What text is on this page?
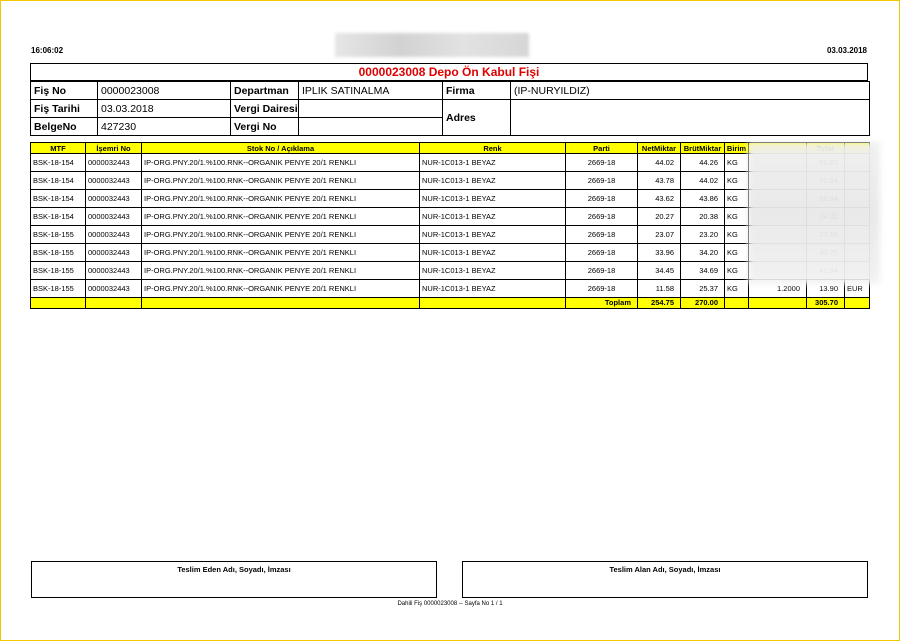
16:06:02	03.03.2018
0000023008 Depo Ön Kabul Fişi
Fiş No	0000023008	Departman	IPLIK SATINALMA	Firma	(IP-NURYILDIZ)
Fiş Tarihi	03.03.2018	Vergi Dairesi		Adres	
BelgeNo	427230	Vergi No			
MTF	İşemri No	Stok No / Açıklama	Renk	Parti	NetMiktar	BrütMiktar	Birim			
BSK-18-154	0000032443	IP-ORG.PNY.20/1.%100.RNK--ORGANIK PENYE 20/1 RENKLI	NUR-1C013-1 BEYAZ	2669-18	44.02	44.26	KG			
BSK-18-154	0000032443	IP-ORG.PNY.20/1.%100.RNK--ORGANIK PENYE 20/1 RENKLI	NUR-1C013-1 BEYAZ	2669-18	43.78	44.02	KG			
BSK-18-154	0000032443	IP-ORG.PNY.20/1.%100.RNK--ORGANIK PENYE 20/1 RENKLI	NUR-1C013-1 BEYAZ	2669-18	43.62	43.86	KG			
BSK-18-154	0000032443	IP-ORG.PNY.20/1.%100.RNK--ORGANIK PENYE 20/1 RENKLI	NUR-1C013-1 BEYAZ	2669-18	20.27	20.38	KG			
BSK-18-155	0000032443	IP-ORG.PNY.20/1.%100.RNK--ORGANIK PENYE 20/1 RENKLI	NUR-1C013-1 BEYAZ	2669-18	23.07	23.20	KG			
BSK-18-155	0000032443	IP-ORG.PNY.20/1.%100.RNK--ORGANIK PENYE 20/1 RENKLI	NUR-1C013-1 BEYAZ	2669-18	33.96	34.20	KG			
BSK-18-155	0000032443	IP-ORG.PNY.20/1.%100.RNK--ORGANIK PENYE 20/1 RENKLI	NUR-1C013-1 BEYAZ	2669-18	34.45	34.69	KG			
BSK-18-155	0000032443	IP-ORG.PNY.20/1.%100.RNK--ORGANIK PENYE 20/1 RENKLI	NUR-1C013-1 BEYAZ	2669-18	11.58	25.37	KG	1.2000	13.90	EUR
				Toplam	254.75	270.00			305.70	
Teslim Eden Adı, Soyadı, İmzası	Teslim Alan Adı, Soyadı, İmzası
Dahili Fiş 0000023008 -- Sayfa No 1 / 1
